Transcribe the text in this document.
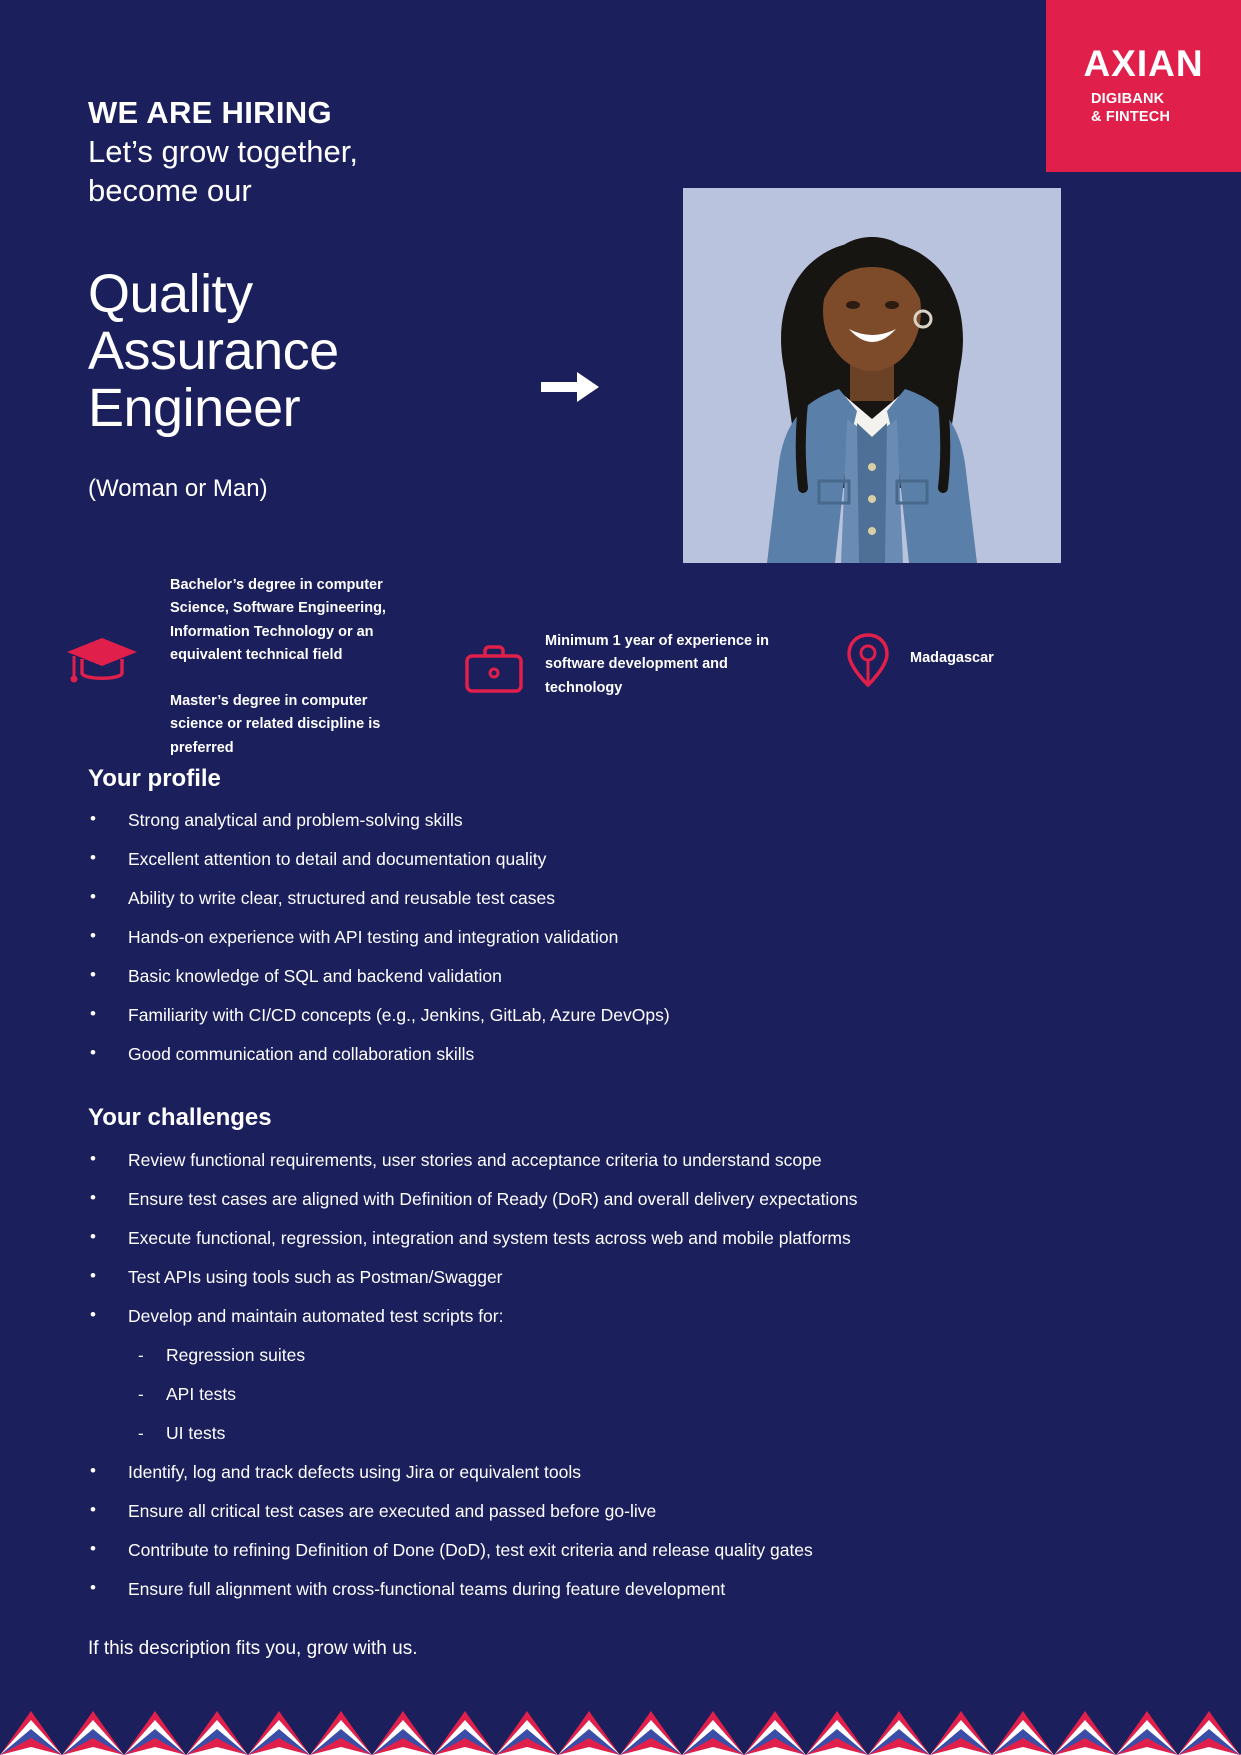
AXIAN
DIGIBANK
& FINTECH
WE ARE HIRING
Let’s grow together,
become our
Quality
Assurance
Engineer
(Woman or Man)
Bachelor’s degree in computer Science, Software Engineering, Information Technology or an equivalent technical field
Master’s degree in computer science or related discipline is preferred
Minimum 1 year of experience in software development and technology
Madagascar
Your profile
• Strong analytical and problem-solving skills
• Excellent attention to detail and documentation quality
• Ability to write clear, structured and reusable test cases
• Hands-on experience with API testing and integration validation
• Basic knowledge of SQL and backend validation
• Familiarity with CI/CD concepts (e.g., Jenkins, GitLab, Azure DevOps)
• Good communication and collaboration skills
Your challenges
• Review functional requirements, user stories and acceptance criteria to understand scope
• Ensure test cases are aligned with Definition of Ready (DoR) and overall delivery expectations
• Execute functional, regression, integration and system tests across web and mobile platforms
• Test APIs using tools such as Postman/Swagger
• Develop and maintain automated test scripts for:
- Regression suites
- API tests
- UI tests
• Identify, log and track defects using Jira or equivalent tools
• Ensure all critical test cases are executed and passed before go-live
• Contribute to refining Definition of Done (DoD), test exit criteria and release quality gates
• Ensure full alignment with cross-functional teams during feature development
If this description fits you, grow with us.
